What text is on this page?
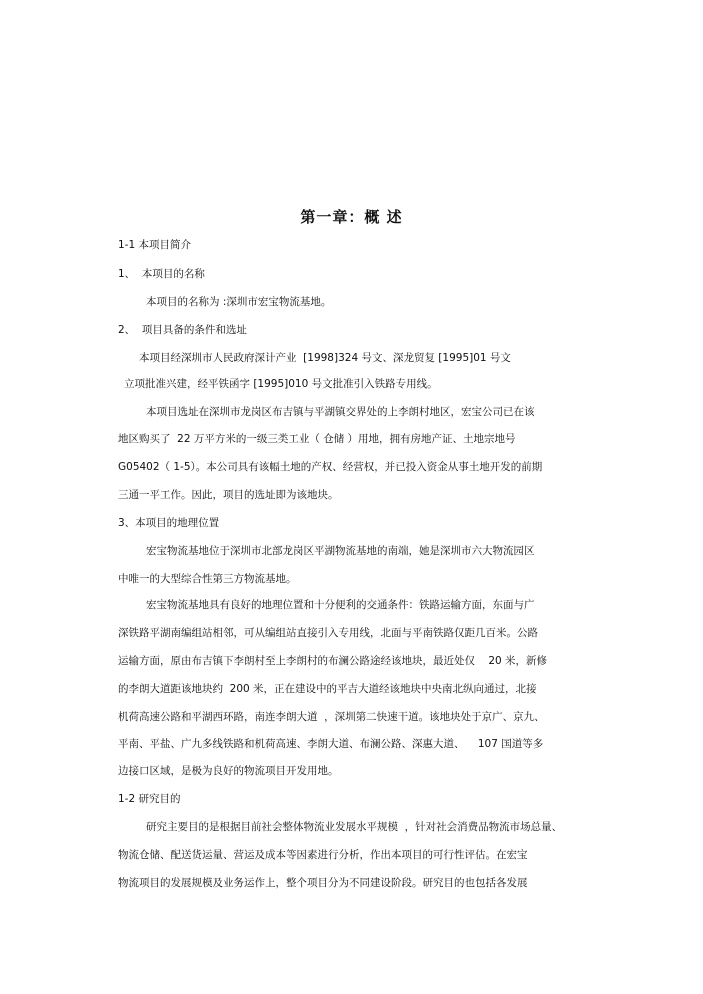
第一章：概 述
1-1 本项目简介
1、  本项目的名称
本项目的名称为 :深圳市宏宝物流基地。
2、  项目具备的条件和选址
本项目经深圳市人民政府深计产业  [1998]324 号文、深龙贸复 [1995]01 号文
立项批准兴建，经平铁函字 [1995]010 号文批准引入铁路专用线。
本项目选址在深圳市龙岗区布吉镇与平湖镇交界处的上李朗村地区，宏宝公司已在该
地区购买了  22 万平方米的一级三类工业（ 仓储 ）用地，拥有房地产证、土地宗地号
G05402（ 1-5）。本公司具有该幅土地的产权、经营权，并已投入资金从事土地开发的前期
三通一平工作。因此，项目的选址即为该地块。
3、本项目的地理位置
宏宝物流基地位于深圳市北部龙岗区平湖物流基地的南端，她是深圳市六大物流园区
中唯一的大型综合性第三方物流基地。
宏宝物流基地具有良好的地理位置和十分便利的交通条件：铁路运输方面，东面与广
深铁路平湖南编组站相邻，可从编组站直接引入专用线，北面与平南铁路仅距几百米。公路
运输方面，原由布吉镇下李朗村至上李朗村的布澜公路途经该地块，最近处仅    20 米，新修
的李朗大道距该地块约  200 米，正在建设中的平吉大道经该地块中央南北纵向通过，北接
机荷高速公路和平湖西环路，南连李朗大道  ，深圳第二快速干道。该地块处于京广、京九、
平南、平盐、广九多线铁路和机荷高速、李朗大道、布澜公路、深惠大道、    107 国道等多
边接口区域，是极为良好的物流项目开发用地。
1-2 研究目的
研究主要目的是根据目前社会整体物流业发展水平规模  ，针对社会消费品物流市场总量、
物流仓储、配送货运量、营运及成本等因素进行分析，作出本项目的可行性评估。在宏宝
物流项目的发展规模及业务运作上，整个项目分为不同建设阶段。研究目的也包括各发展
